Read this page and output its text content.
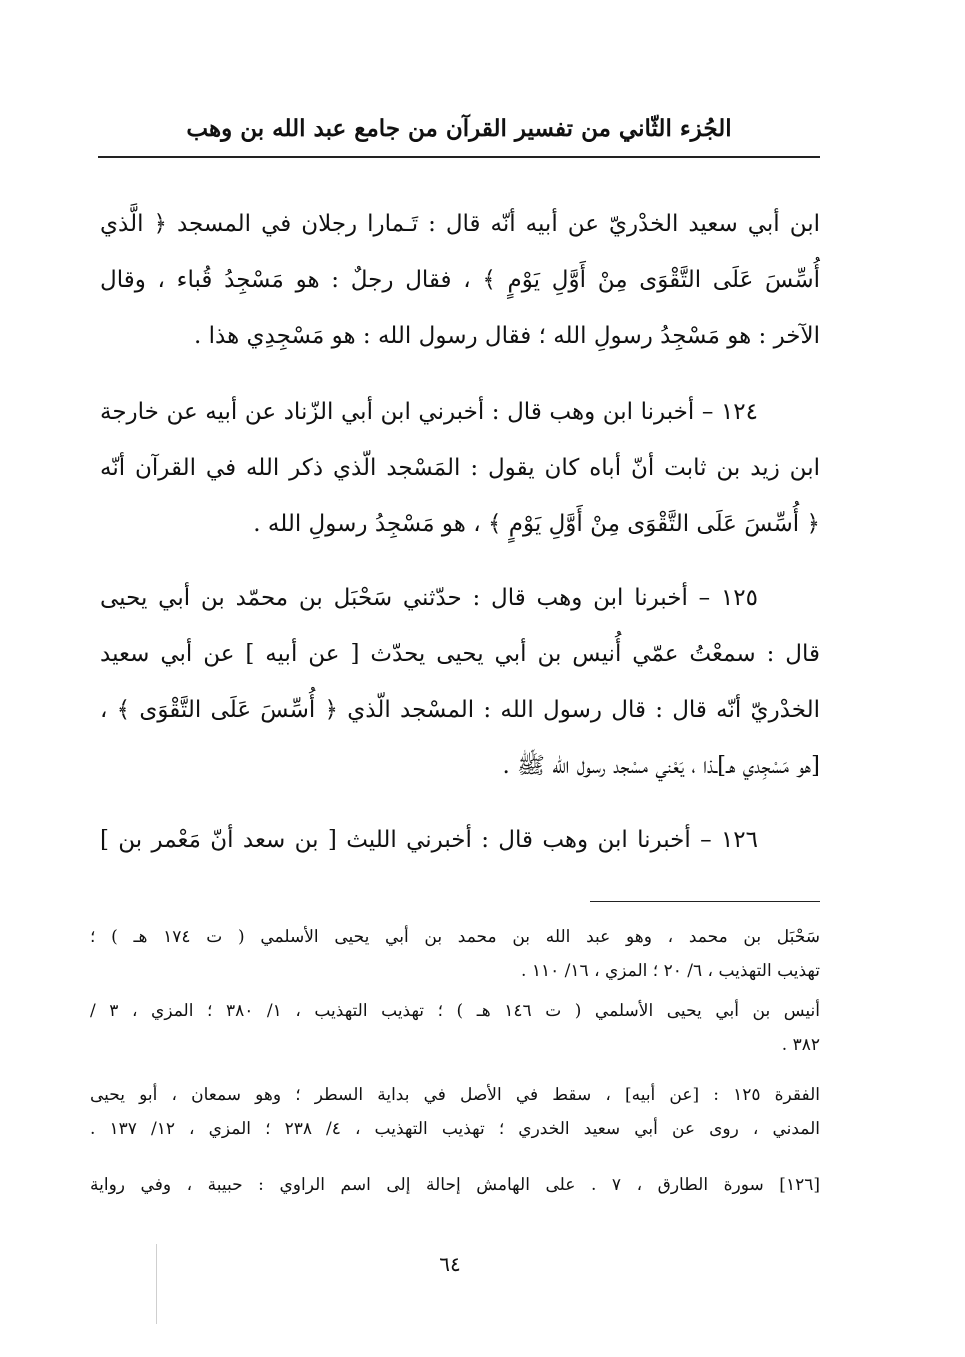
الجُزء الثّاني من تفسير القرآن من جامع عبد الله بن وهب
ابن أبي سعيد الخدْريّ عن أبيه أنّه قال : تَـمارا رجلان في المسجد ﴿ الَّذي
أُسِّسَ عَلَى التَّقْوَى مِنْ أَوَّلِ يَوْمٍ ﴾ ، فقال رجلٌ : هو مَسْجِدُ قُباء ، وقال
الآخر : هو مَسْجِدُ رسولِ الله ؛ فقال رسول الله : هو مَسْجِدِي هذا .
١٢٤ – أخبرنا ابن وهب قال : أخبرني ابن أبي الزّناد عن أبيه عن خارجة
ابن زيد بن ثابت أنّ أباه كان يقول : المَسْجد الّذي ذكر الله في القرآن أنّه
﴿ أُسِّسَ عَلَى التَّقْوَى مِنْ أَوَّلِ يَوْمٍ ﴾ ، هو مَسْجِدُ رسولِ الله .
١٢٥ – أخبرنا ابن وهب قال : حدّثني سَحْبَل بن محمّد بن أبي يحيى
قال : سمعْتُ عمّي أُنيس بن أبي يحيى يحدّث [ عن أبيه ] عن أبي سعيد
الخدْريّ أنّه قال : قال رسول الله : المسْجد الّذي ﴿ أُسِّسَ عَلَى التَّقْوَى ﴾ ،
[هو مَسْجِدي هـ]ـذا ، يَعْني مسْجد رسول الله ﷺ .
١٢٦ – أخبرنا ابن وهب قال : أخبرني الليث [ بن سعد أنّ مَعْمر بن ]
سَحْبَل بن محمد ، وهو عبد الله بن محمد بن أبي يحيى الأسلمي ( ت ١٧٤ هـ ) ؛
تهذيب التهذيب ، ٦/ ٢٠ ؛ المزي ، ١٦/ ١١٠ .
أنيس بن أبي يحيى الأسلمي ( ت ١٤٦ هـ ) ؛ تهذيب التهذيب ، ١/ ٣٨٠ ؛ المزي ، ٣ /
٣٨٢ .
الفقرة ١٢٥ : [عن أبيه] ، سقط في الأصل في بداية السطر ؛ وهو سمعان ، أبو يحيى
المدني ، روى عن أبي سعيد الخدري ؛ تهذيب التهذيب ، ٤/ ٢٣٨ ؛ المزي ، ١٢/ ١٣٧ .
[١٢٦] سورة الطارق ، ٧ . على الهامش إحالة إلى اسم الراوي : حبيبة ، وفي رواية
٦٤
